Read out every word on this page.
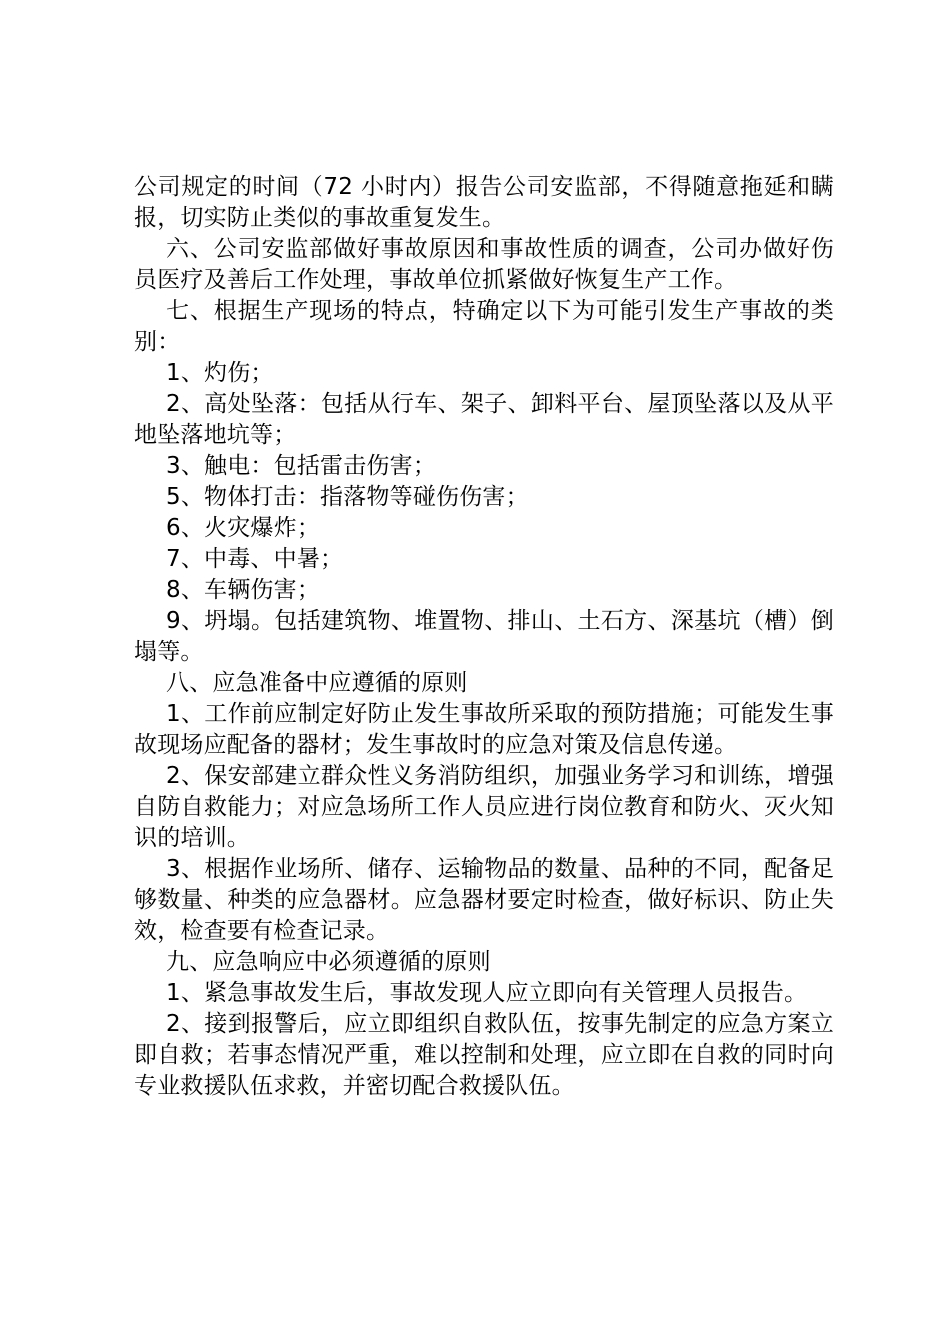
公司规定的时间（72 小时内）报告公司安监部，不得随意拖延和瞒报，切实防止类似的事故重复发生。

六、公司安监部做好事故原因和事故性质的调查，公司办做好伤员医疗及善后工作处理，事故单位抓紧做好恢复生产工作。

七、根据生产现场的特点，特确定以下为可能引发生产事故的类别：

1、灼伤；

2、高处坠落：包括从行车、架子、卸料平台、屋顶坠落以及从平地坠落地坑等；

3、触电：包括雷击伤害；

5、物体打击：指落物等碰伤伤害；

6、火灾爆炸；

7、中毒、中暑；

8、车辆伤害；

9、坍塌。包括建筑物、堆置物、排山、土石方、深基坑（槽）倒塌等。

八、应急准备中应遵循的原则

1、工作前应制定好防止发生事故所采取的预防措施；可能发生事故现场应配备的器材；发生事故时的应急对策及信息传递。

2、保安部建立群众性义务消防组织，加强业务学习和训练，增强自防自救能力；对应急场所工作人员应进行岗位教育和防火、灭火知识的培训。

3、根据作业场所、储存、运输物品的数量、品种的不同，配备足够数量、种类的应急器材。应急器材要定时检查，做好标识、防止失效，检查要有检查记录。

九、应急响应中必须遵循的原则

1、紧急事故发生后，事故发现人应立即向有关管理人员报告。

2、接到报警后，应立即组织自救队伍，按事先制定的应急方案立即自救；若事态情况严重，难以控制和处理，应立即在自救的同时向专业救援队伍求救，并密切配合救援队伍。
